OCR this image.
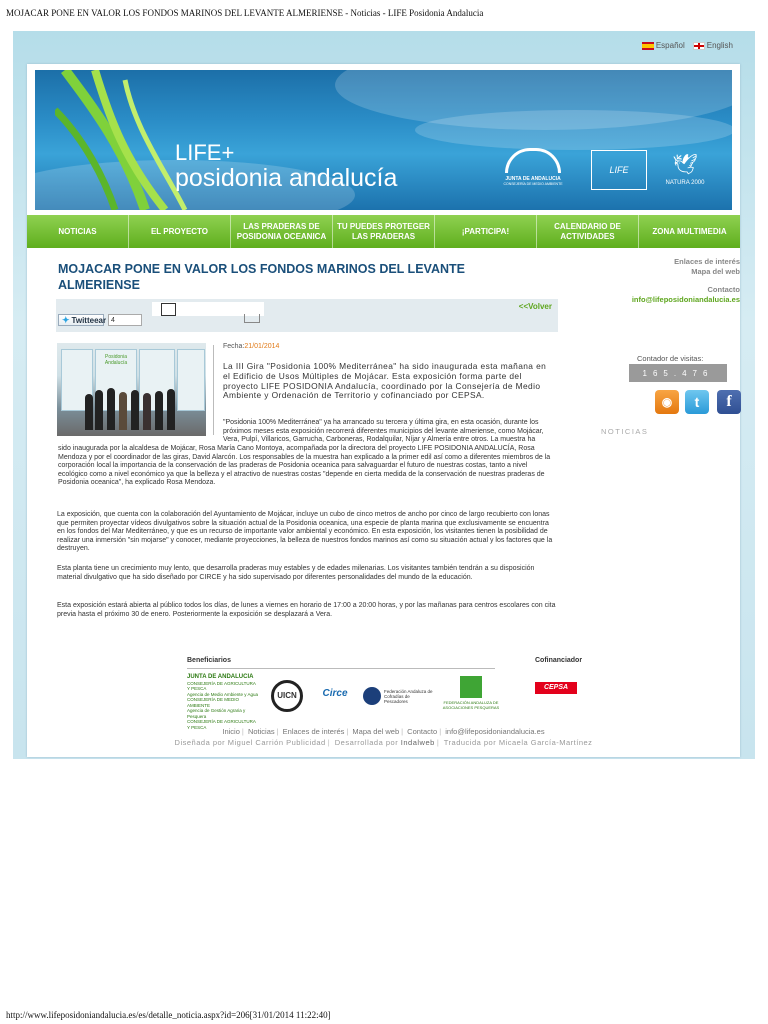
MOJACAR PONE EN VALOR LOS FONDOS MARINOS DEL LEVANTE ALMERIENSE - Noticias - LIFE Posidonia Andalucia
Español	English
LIFE+
posidonia andalucía	JUNTA DE ANDALUCIA
CONSEJERÍA DE MEDIO AMBIENTE
LIFE	🕊
NATURA 2000
NOTICIAS	EL PROYECTO
LAS PRADERAS DE POSIDONIA OCEANICA
TU PUEDES PROTEGER LAS PRADERAS
¡PARTICIPA!
CALENDARIO DE ACTIVIDADES
ZONA MULTIMEDIA
MOJACAR PONE EN VALOR LOS FONDOS MARINOS DEL LEVANTE ALMERIENSE
✦ Twitteear 4
<<Volver
Posidonia Andalucía
Fecha:21/01/2014
La III Gira "Posidonia 100% Mediterránea" ha sido inaugurada esta mañana en el Edificio de Usos Múltiples de Mojácar. Esta exposición forma parte del proyecto LIFE POSIDONIA Andalucía, coordinado por la Consejería de Medio Ambiente y Ordenación de Territorio y cofinanciado por CEPSA.
"Posidonia 100% Mediterránea" ya ha arrancado su tercera y última gira, en esta ocasión, durante los próximos meses esta exposición recorrerá diferentes municipios del levante almeriense, como Mojácar, Vera, Pulpí, Villaricos, Garrucha, Carboneras, Rodalquilar, Níjar y Almería entre otros. La muestra ha
sido inaugurada por la alcaldesa de Mojácar, Rosa María Cano Montoya, acompañada por la directora del proyecto LIFE POSIDONIA ANDALUCÍA, Rosa Mendoza y por el coordinador de las giras, David Alarcón. Los responsables de la muestra han explicado a la primer edil así como a diferentes miembros de la corporación local la importancia de la conservación de las praderas de Posidonia oceanica para salvaguardar el futuro de nuestras costas, tanto a nivel ecológico como a nivel económico ya que la belleza y el atractivo de nuestras costas "depende en cierta medida de la conservación de nuestras praderas de Posidonia oceanica", ha explicado Rosa Mendoza.
La exposición, que cuenta con la colaboración del Ayuntamiento de Mojácar, incluye un cubo de cinco metros de ancho por cinco de largo recubierto con lonas que permiten proyectar vídeos divulgativos sobre la situación actual de la Posidonia oceanica, una especie de planta marina que exclusivamente se encuentra en los fondos del Mar Mediterráneo, y que es un recurso de importante valor ambiental y económico. En esta exposición, los visitantes tienen la posibilidad de realizar una inmersión "sin mojarse" y conocer, mediante proyecciones, la belleza de nuestros fondos marinos así como su situación actual y los factores que la destruyen.
Esta planta tiene un crecimiento muy lento, que desarrolla praderas muy estables y de edades milenarias. Los visitantes también tendrán a su disposición material divulgativo que ha sido diseñado por CIRCE y ha sido supervisado por diferentes personalidades del mundo de la educación.
Esta exposición estará abierta al público todos los días, de lunes a viernes en horario de 17:00 a 20:00 horas, y por las mañanas para centros escolares con cita previa hasta el próximo 30 de enero. Posteriormente la exposición se desplazará a Vera.
Enlaces de interés
Mapa del web
Contacto
info@lifeposidoniandalucia.es
Contador de visitas:
165.476
◉	t	f
NOTICIAS
Beneficiarios	Cofinanciador
JUNTA DE ANDALUCIA
CONSEJERÍA DE AGRICULTURA Y PESCA
Agencia de Medio Ambiente y Agua
CONSEJERÍA DE MEDIO AMBIENTE
Agencia de Gestión Agraria y Pesquera
CONSEJERÍA DE AGRICULTURA Y PESCA
UICN	Circe	Federación Andaluza de Cofradías de Pescadores	FEDERACIÓN ANDALUZA DE ASOCIACIONES PESQUERAS
CEPSA
Inicio | Noticias | Enlaces de interés | Mapa del web | Contacto | info@lifeposidoniandalucia.es
Diseñada por Miguel Carrión Publicidad | Desarrollada por Indalweb | Traducida por Micaela García-Martínez
http://www.lifeposidoniandalucia.es/es/detalle_noticia.aspx?id=206[31/01/2014 11:22:40]
